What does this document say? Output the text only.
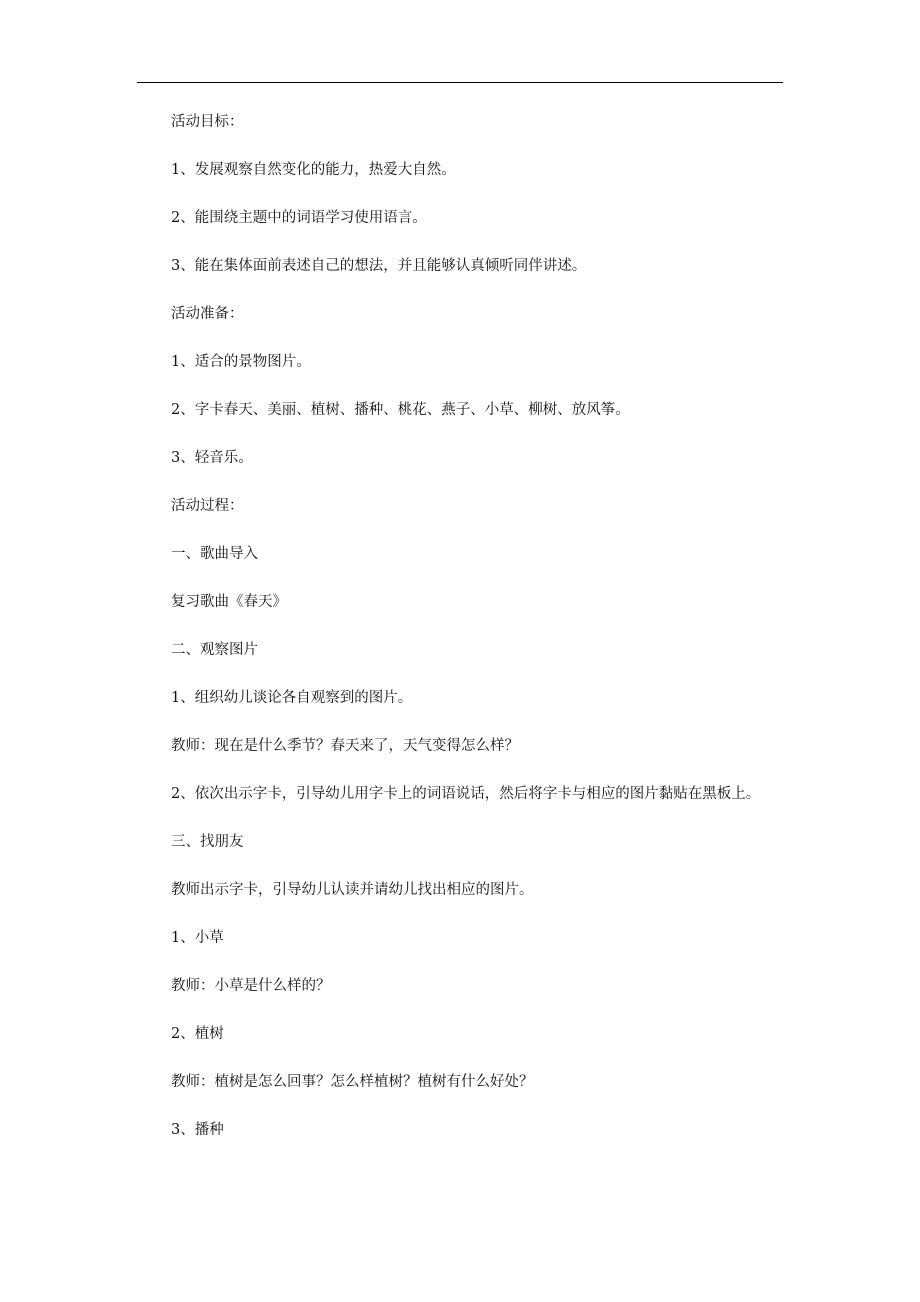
活动目标：

1、发展观察自然变化的能力，热爱大自然。

2、能围绕主题中的词语学习使用语言。

3、能在集体面前表述自己的想法，并且能够认真倾听同伴讲述。

活动准备：

1、适合的景物图片。

2、字卡春天、美丽、植树、播种、桃花、燕子、小草、柳树、放风筝。

3、轻音乐。

活动过程：

一、歌曲导入

复习歌曲《春天》

二、观察图片

1、组织幼儿谈论各自观察到的图片。

教师：现在是什么季节？春天来了，天气变得怎么样？

2、依次出示字卡，引导幼儿用字卡上的词语说话，然后将字卡与相应的图片黏贴在黑板上。

三、找朋友

教师出示字卡，引导幼儿认读并请幼儿找出相应的图片。

1、小草

教师：小草是什么样的？

2、植树

教师：植树是怎么回事？怎么样植树？植树有什么好处？

3、播种
